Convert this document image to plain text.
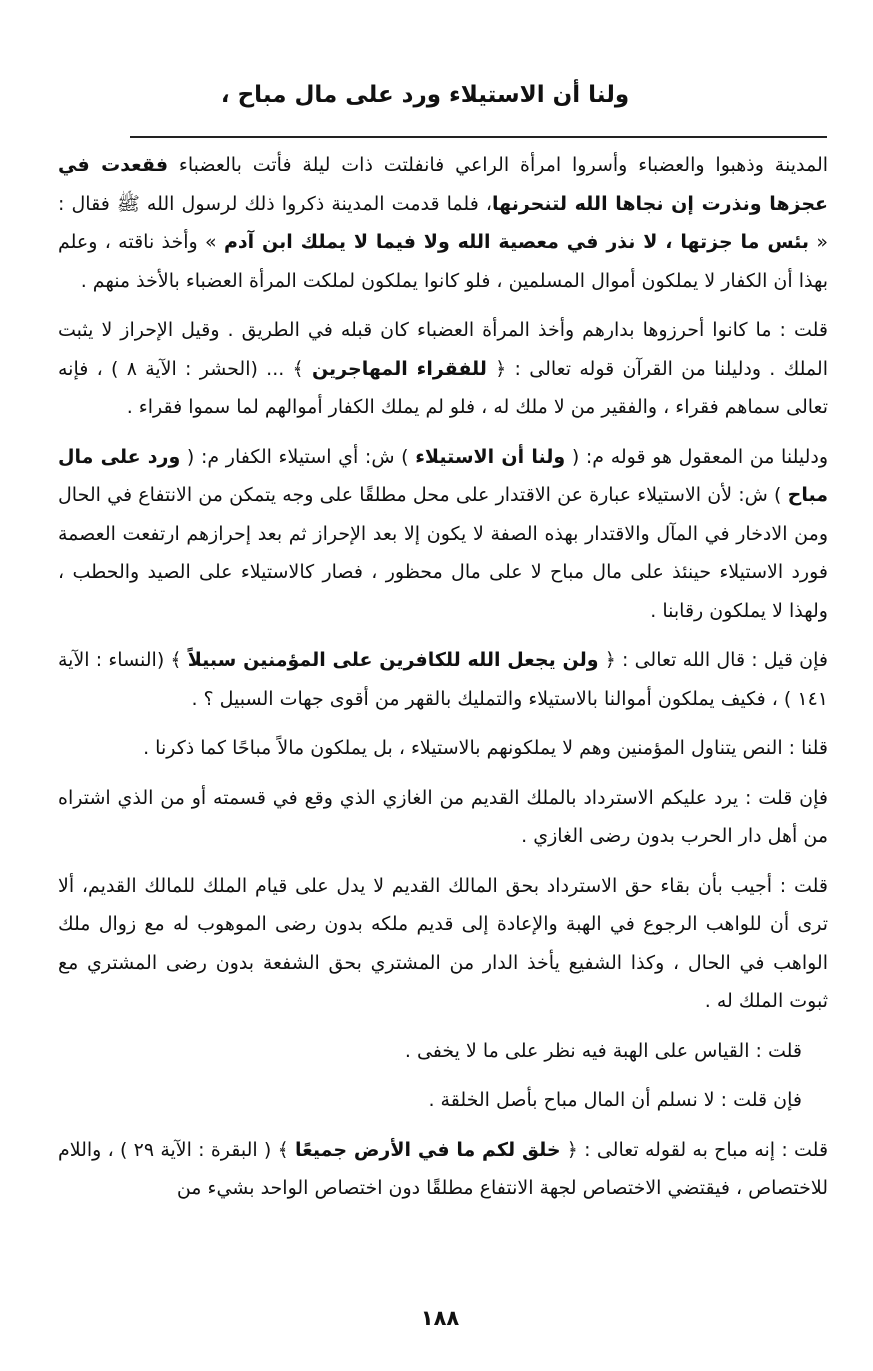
ولنا أن الاستيلاء ورد على مال مباح ،

المدينة وذهبوا والعضباء وأسروا امرأة الراعي فانفلتت ذات ليلة فأتت بالعضباء فقعدت في عجزها ونذرت إن نجاها الله لتنحرنها، فلما قدمت المدينة ذكروا ذلك لرسول الله ﷺ فقال : « بئس ما جزتها ، لا نذر في معصية الله ولا فيما لا يملك ابن آدم » وأخذ ناقته ، وعلم بهذا أن الكفار لا يملكون أموال المسلمين ، فلو كانوا يملكون لملكت المرأة العضباء بالأخذ منهم .

قلت : ما كانوا أحرزوها بدارهم وأخذ المرأة العضباء كان قبله في الطريق . وقيل الإحراز لا يثبت الملك . ودليلنا من القرآن قوله تعالى : ﴿ للفقراء المهاجرين ﴾ ... (الحشر : الآية ٨ ) ، فإنه تعالى سماهم فقراء ، والفقير من لا ملك له ، فلو لم يملك الكفار أموالهم لما سموا فقراء .

ودليلنا من المعقول هو قوله م: ( ولنا أن الاستيلاء ) ش: أي استيلاء الكفار م: ( ورد على مال مباح ) ش: لأن الاستيلاء عبارة عن الاقتدار على محل مطلقًا على وجه يتمكن من الانتفاع في الحال ومن الادخار في المآل والاقتدار بهذه الصفة لا يكون إلا بعد الإحراز ثم بعد إحرازهم ارتفعت العصمة فورد الاستيلاء حينئذ على مال مباح لا على مال محظور ، فصار كالاستيلاء على الصيد والحطب ، ولهذا لا يملكون رقابنا .

فإن قيل : قال الله تعالى : ﴿ ولن يجعل الله للكافرين على المؤمنين سبيلاً ﴾ (النساء : الآية ١٤١ ) ، فكيف يملكون أموالنا بالاستيلاء والتمليك بالقهر من أقوى جهات السبيل ؟ .

قلنا : النص يتناول المؤمنين وهم لا يملكونهم بالاستيلاء ، بل يملكون مالاً مباحًا كما ذكرنا .

فإن قلت : يرد عليكم الاسترداد بالملك القديم من الغازي الذي وقع في قسمته أو من الذي اشتراه من أهل دار الحرب بدون رضى الغازي .

قلت : أجيب بأن بقاء حق الاسترداد بحق المالك القديم لا يدل على قيام الملك للمالك القديم، ألا ترى أن للواهب الرجوع في الهبة والإعادة إلى قديم ملكه بدون رضى الموهوب له مع زوال ملك الواهب في الحال ، وكذا الشفيع يأخذ الدار من المشتري بحق الشفعة بدون رضى المشتري مع ثبوت الملك له .

قلت : القياس على الهبة فيه نظر على ما لا يخفى .

فإن قلت : لا نسلم أن المال مباح بأصل الخلقة .

قلت : إنه مباح به لقوله تعالى : ﴿ خلق لكم ما في الأرض جميعًا ﴾ ( البقرة : الآية ٢٩ ) ، واللام للاختصاص ، فيقتضي الاختصاص لجهة الانتفاع مطلقًا دون اختصاص الواحد بشيء من

١٨٨
